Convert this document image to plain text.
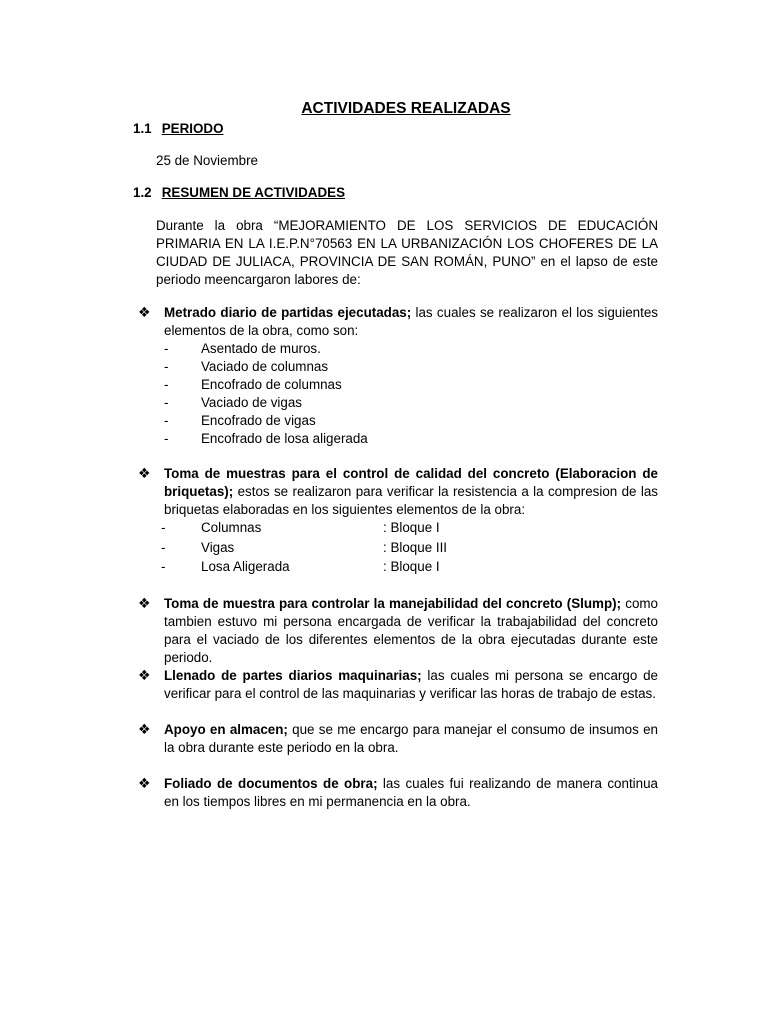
ACTIVIDADES REALIZADAS
1.1 PERIODO
25 de Noviembre
1.2 RESUMEN DE ACTIVIDADES
Durante la obra “MEJORAMIENTO DE LOS SERVICIOS DE EDUCACIÓN PRIMARIA EN LA I.E.P.N°70563 EN LA URBANIZACIÓN LOS CHOFERES DE LA CIUDAD DE JULIACA, PROVINCIA DE SAN ROMÁN, PUNO” en el lapso de este periodo meencargaron labores de:
❖ Metrado diario de partidas ejecutadas; las cuales se realizaron el los siguientes elementos de la obra, como son:
- Asentado de muros.
- Vaciado de columnas
- Encofrado de columnas
- Vaciado de vigas
- Encofrado de vigas
- Encofrado de losa aligerada
❖ Toma de muestras para el control de calidad del concreto (Elaboracion de briquetas); estos se realizaron para verificar la resistencia a la compresion de las briquetas elaboradas en los siguientes elementos de la obra:
-	Columnas	: Bloque I
-	Vigas	: Bloque III
-	Losa Aligerada	: Bloque I
❖ Toma de muestra para controlar la manejabilidad del concreto (Slump); como tambien estuvo mi persona encargada de verificar la trabajabilidad del concreto para el vaciado de los diferentes elementos de la obra ejecutadas durante este periodo.
❖ Llenado de partes diarios maquinarias; las cuales mi persona se encargo de verificar para el control de las maquinarias y verificar las horas de trabajo de estas.
❖ Apoyo en almacen; que se me encargo para manejar el consumo de insumos en la obra durante este periodo en la obra.
❖ Foliado de documentos de obra; las cuales fui realizando de manera continua en los tiempos libres en mi permanencia en la obra.
